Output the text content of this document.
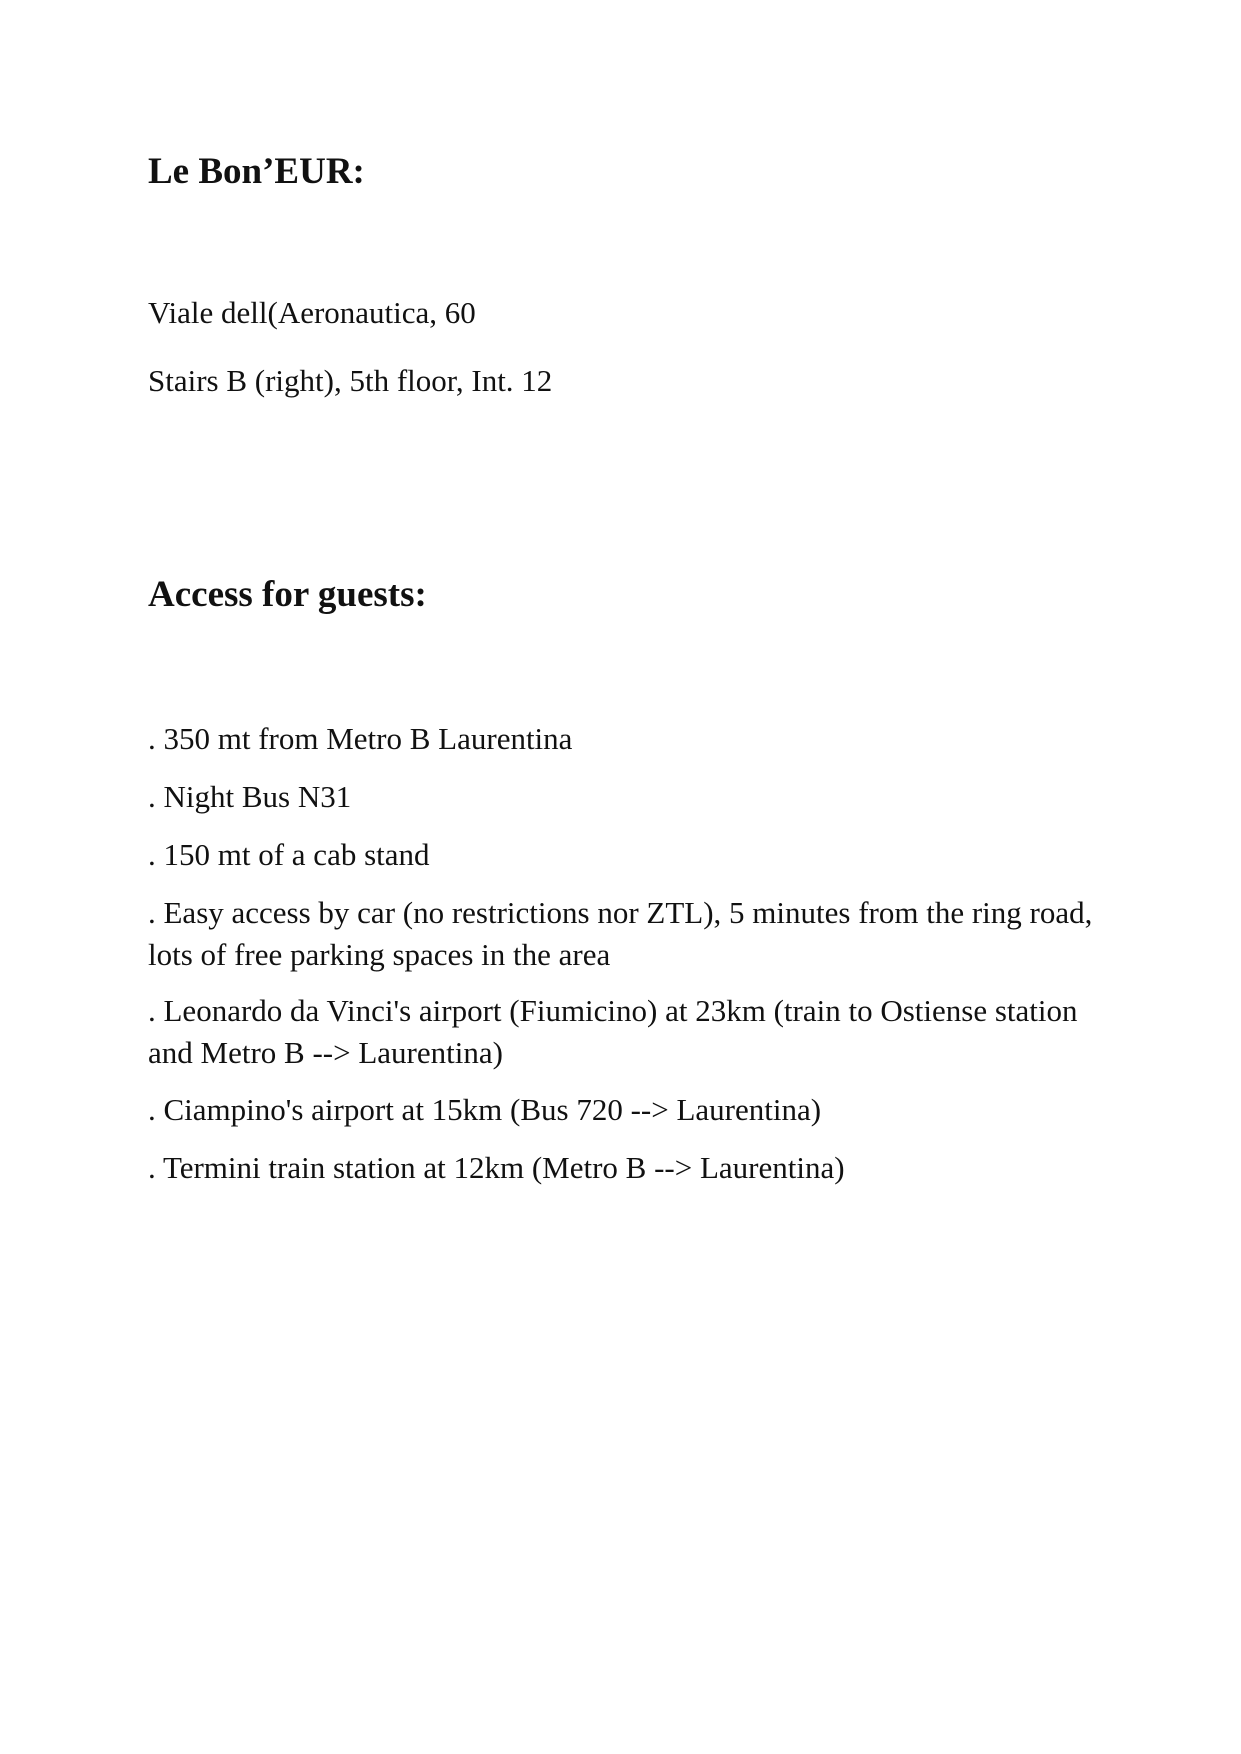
Le Bon’EUR:

Viale dell(Aeronautica, 60

Stairs B (right), 5th floor, Int. 12

Access for guests:

. 350 mt from Metro B Laurentina

. Night Bus N31

. 150 mt of a cab stand

. Easy access by car (no restrictions nor ZTL), 5 minutes from the ring road, lots of free parking spaces in the area

. Leonardo da Vinci's airport (Fiumicino) at 23km (train to Ostiense station and Metro B --> Laurentina)

. Ciampino's airport at 15km (Bus 720 --> Laurentina)

. Termini train station at 12km (Metro B --> Laurentina)
